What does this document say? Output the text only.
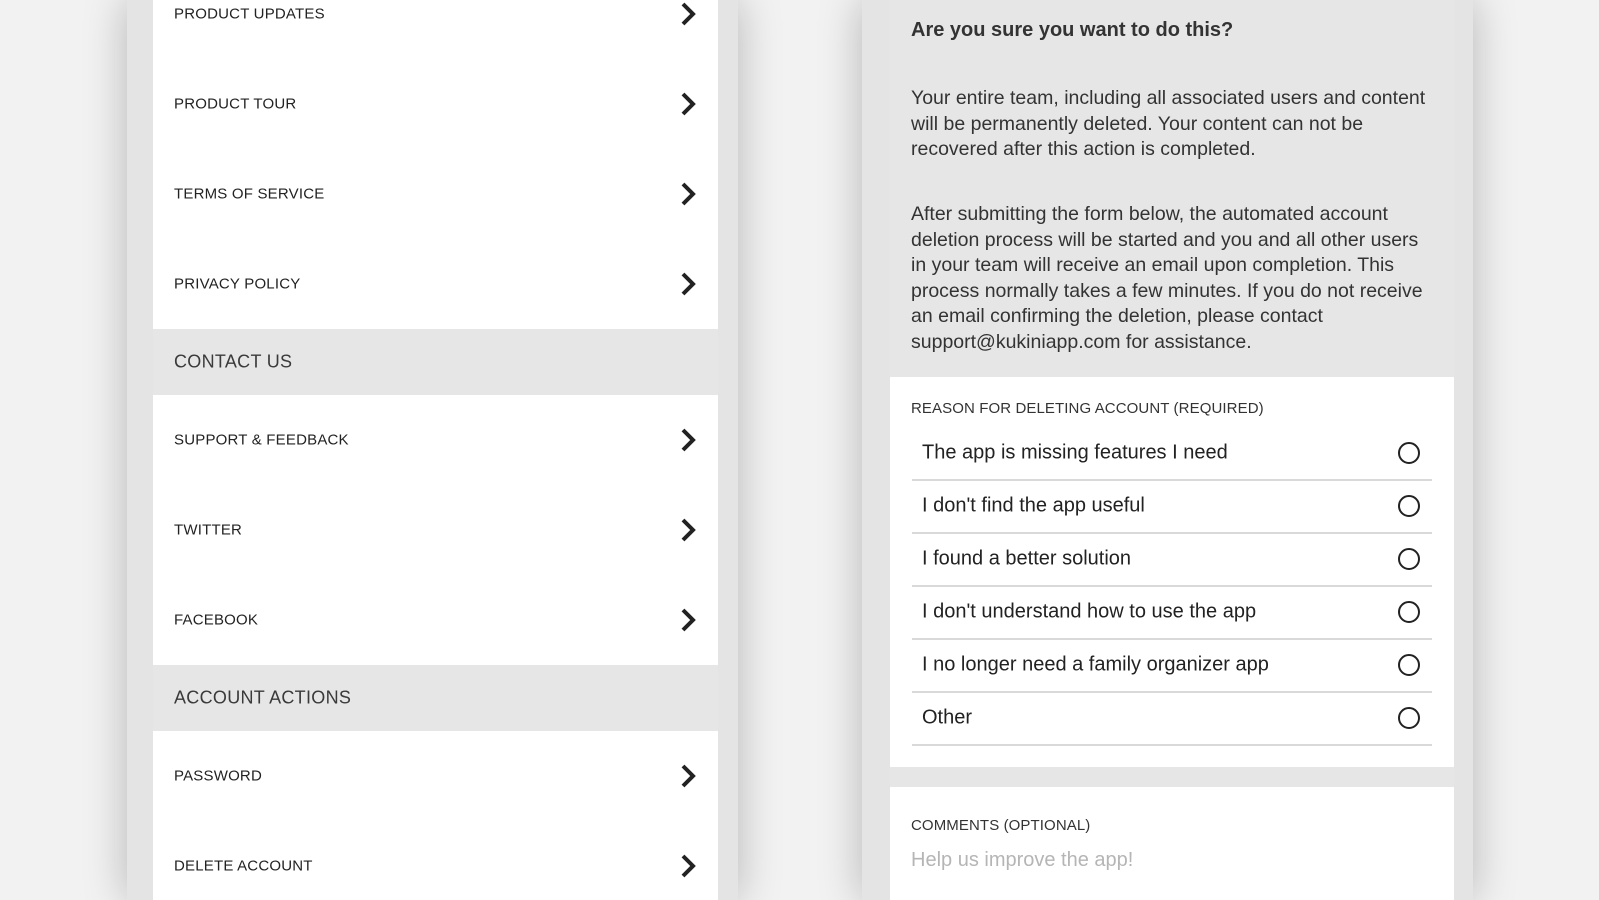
PRODUCT UPDATES
PRODUCT TOUR
TERMS OF SERVICE
PRIVACY POLICY
CONTACT US
SUPPORT & FEEDBACK
TWITTER
FACEBOOK
ACCOUNT ACTIONS
PASSWORD
DELETE ACCOUNT
Are you sure you want to do this?
Your entire team, including all associated users and content will be permanently deleted. Your content can not be recovered after this action is completed.
After submitting the form below, the automated account deletion process will be started and you and all other users in your team will receive an email upon completion. This process normally takes a few minutes. If you do not receive an email confirming the deletion, please contact support@kukiniapp.com for assistance.
REASON FOR DELETING ACCOUNT (REQUIRED)
The app is missing features I need
I don't find the app useful
I found a better solution
I don't understand how to use the app
I no longer need a family organizer app
Other
COMMENTS (OPTIONAL)
Help us improve the app!
